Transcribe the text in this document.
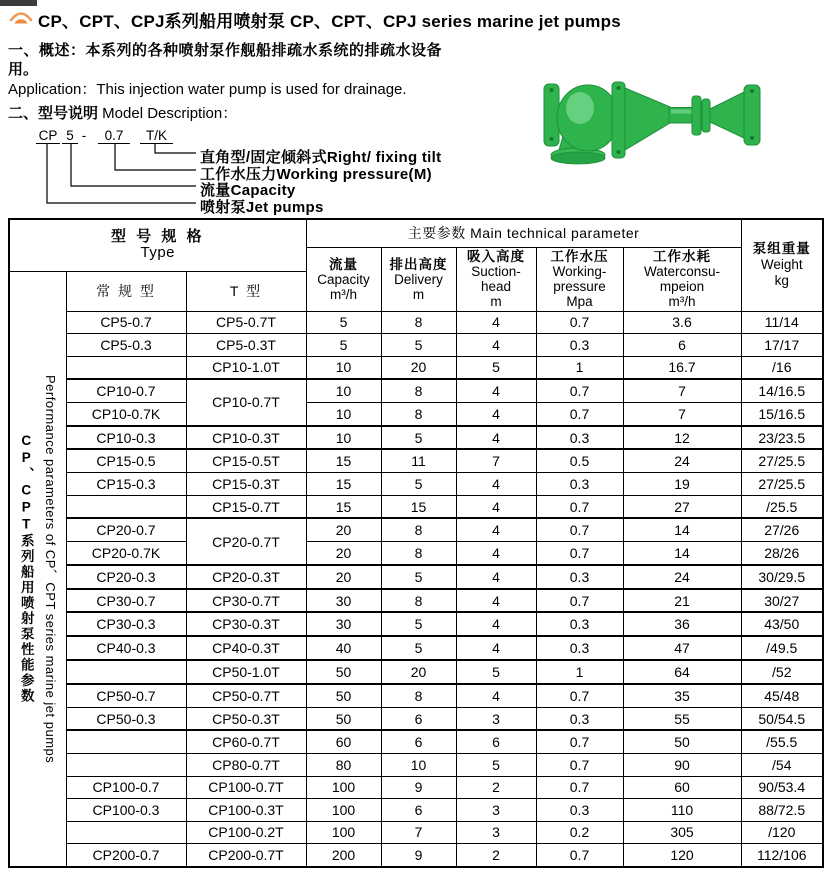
CP、CPT、CPJ系列船用喷射泵 CP、CPT、CPJ series marine jet pumps
一、概述：本系列的各种喷射泵作舰船排疏水系统的排疏水设备
用。
Application：This injection water pump is used for drainage.
二、型号说明 Model Description：
CP 5 -	0.7	T/K
直角型/固定倾斜式Right/ fixing tilt
工作水压力Working pressure(M)
流量Capacity
喷射泵Jet pumps
型 号 规 格
Type
	主要参数 Main technical parameter	
泵组重量
Weight
kg

流量
Capacity
m³/h

排出高度
Delivery
m

吸入高度
Suction-
head
m

工作水压
Working-
pressure
Mpa

工作水耗
Waterconsu-
mpeion
m³/h

CP、CPT系列船用喷射泵性能参数 Performance parameters of CP、CPT series marine jet pumps	常 规 型	T 型						
	CP5-0.7	CP5-0.7T	5	8	4	0.7	3.6	11/14
	CP5-0.3	CP5-0.3T	5	5	4	0.3	6	17/17
		CP10-1.0T	10	20	5	1	16.7	/16
	CP10-0.7	CP10-0.7T	10	8	4	0.7	7	14/16.5
	CP10-0.7K		10	8	4	0.7	7	15/16.5
	CP10-0.3	CP10-0.3T	10	5	4	0.3	12	23/23.5
	CP15-0.5	CP15-0.5T	15	11	7	0.5	24	27/25.5
	CP15-0.3	CP15-0.3T	15	5	4	0.3	19	27/25.5
		CP15-0.7T	15	15	4	0.7	27	/25.5
	CP20-0.7	CP20-0.7T	20	8	4	0.7	14	27/26
	CP20-0.7K		20	8	4	0.7	14	28/26
	CP20-0.3	CP20-0.3T	20	5	4	0.3	24	30/29.5
	CP30-0.7	CP30-0.7T	30	8	4	0.7	21	30/27
	CP30-0.3	CP30-0.3T	30	5	4	0.3	36	43/50
	CP40-0.3	CP40-0.3T	40	5	4	0.3	47	/49.5
		CP50-1.0T	50	20	5	1	64	/52
	CP50-0.7	CP50-0.7T	50	8	4	0.7	35	45/48
	CP50-0.3	CP50-0.3T	50	6	3	0.3	55	50/54.5
		CP60-0.7T	60	6	6	0.7	50	/55.5
		CP80-0.7T	80	10	5	0.7	90	/54
	CP100-0.7	CP100-0.7T	100	9	2	0.7	60	90/53.4
	CP100-0.3	CP100-0.3T	100	6	3	0.3	110	88/72.5
		CP100-0.2T	100	7	3	0.2	305	/120
	CP200-0.7	CP200-0.7T	200	9	2	0.7	120	112/106
